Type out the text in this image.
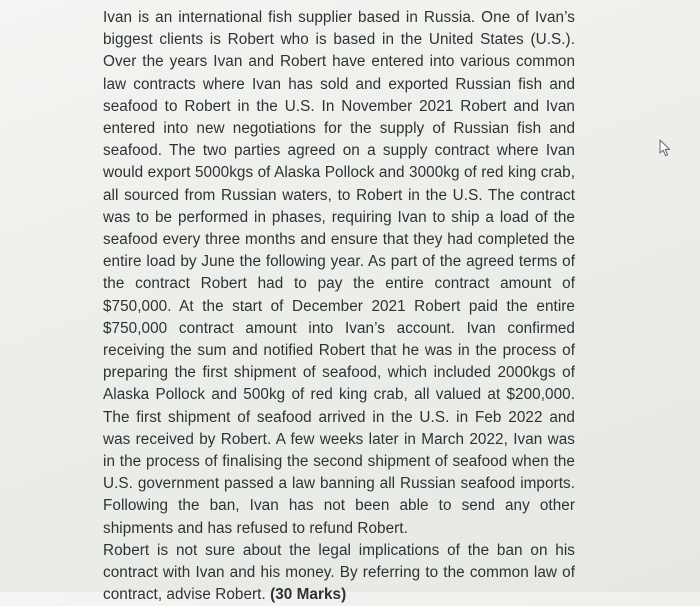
Ivan is an international fish supplier based in Russia. One of Ivan’s biggest clients is Robert who is based in the United States (U.S.). Over the years Ivan and Robert have entered into various common law contracts where Ivan has sold and exported Russian fish and seafood to Robert in the U.S. In November 2021 Robert and Ivan entered into new negotiations for the supply of Russian fish and seafood. The two parties agreed on a supply contract where Ivan would export 5000kgs of Alaska Pollock and 3000kg of red king crab, all sourced from Russian waters, to Robert in the U.S. The contract was to be performed in phases, requiring Ivan to ship a load of the seafood every three months and ensure that they had completed the entire load by June the following year. As part of the agreed terms of the contract Robert had to pay the entire contract amount of $750,000. At the start of December 2021 Robert paid the entire $750,000 contract amount into Ivan’s account. Ivan confirmed receiving the sum and notified Robert that he was in the process of preparing the first shipment of seafood, which included 2000kgs of Alaska Pollock and 500kg of red king crab, all valued at $200,000. The first shipment of seafood arrived in the U.S. in Feb 2022 and was received by Robert. A few weeks later in March 2022, Ivan was in the process of finalising the second shipment of seafood when the U.S. government passed a law banning all Russian seafood imports. Following the ban, Ivan has not been able to send any other shipments and has refused to refund Robert.

Robert is not sure about the legal implications of the ban on his contract with Ivan and his money. By referring to the common law of contract, advise Robert. (30 Marks)
